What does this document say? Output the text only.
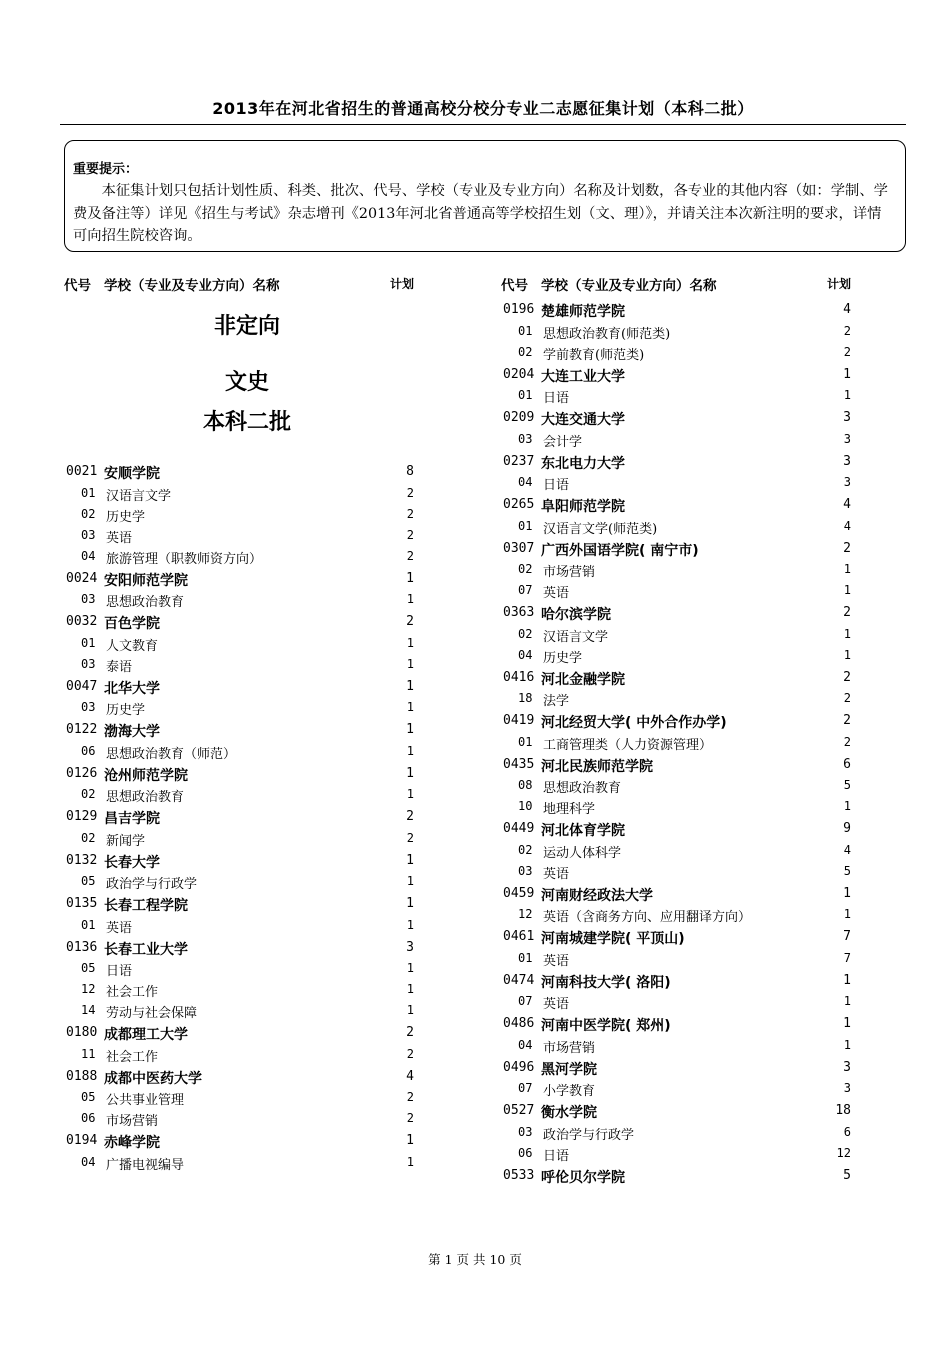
2013年在河北省招生的普通高校分校分专业二志愿征集计划（本科二批）
重要提示：
本征集计划只包括计划性质、科类、批次、代号、学校（专业及专业方向）名称及计划数，各专业的其他内容（如：学制、学费及备注等）详见《招生与考试》杂志增刊《2013年河北省普通高等学校招生划（文、理）》，并请关注本次新注明的要求，详情可向招生院校咨询。
代号 学校（专业及专业方向）名称	计划
非定向
文史
本科二批
0021 安顺学院	8
01 汉语言文学	2
02 历史学	2
03 英语	2
04 旅游管理（职教师资方向）	2
0024 安阳师范学院	1
03 思想政治教育	1
0032 百色学院	2
01 人文教育	1
03 泰语	1
0047 北华大学	1
03 历史学	1
0122 渤海大学	1
06 思想政治教育（师范）	1
0126 沧州师范学院	1
02 思想政治教育	1
0129 昌吉学院	2
02 新闻学	2
0132 长春大学	1
05 政治学与行政学	1
0135 长春工程学院	1
01 英语	1
0136 长春工业大学	3
05 日语	1
12 社会工作	1
14 劳动与社会保障	1
0180 成都理工大学	2
11 社会工作	2
0188 成都中医药大学	4
05 公共事业管理	2
06 市场营销	2
0194 赤峰学院	1
04 广播电视编导	1
代号 学校（专业及专业方向）名称	计划
0196 楚雄师范学院	4
01 思想政治教育(师范类)	2
02 学前教育(师范类)	2
0204 大连工业大学	1
01 日语	1
0209 大连交通大学	3
03 会计学	3
0237 东北电力大学	3
04 日语	3
0265 阜阳师范学院	4
01 汉语言文学(师范类)	4
0307 广西外国语学院( 南宁市)	2
02 市场营销	1
07 英语	1
0363 哈尔滨学院	2
02 汉语言文学	1
04 历史学	1
0416 河北金融学院	2
18 法学	2
0419 河北经贸大学( 中外合作办学)	2
01 工商管理类（人力资源管理）	2
0435 河北民族师范学院	6
08 思想政治教育	5
10 地理科学	1
0449 河北体育学院	9
02 运动人体科学	4
03 英语	5
0459 河南财经政法大学	1
12 英语（含商务方向、应用翻译方向）	1
0461 河南城建学院( 平顶山)	7
01 英语	7
0474 河南科技大学( 洛阳)	1
07 英语	1
0486 河南中医学院( 郑州)	1
04 市场营销	1
0496 黑河学院	3
07 小学教育	3
0527 衡水学院	18
03 政治学与行政学	6
06 日语	12
0533 呼伦贝尔学院	5
第 1 页 共 10 页
